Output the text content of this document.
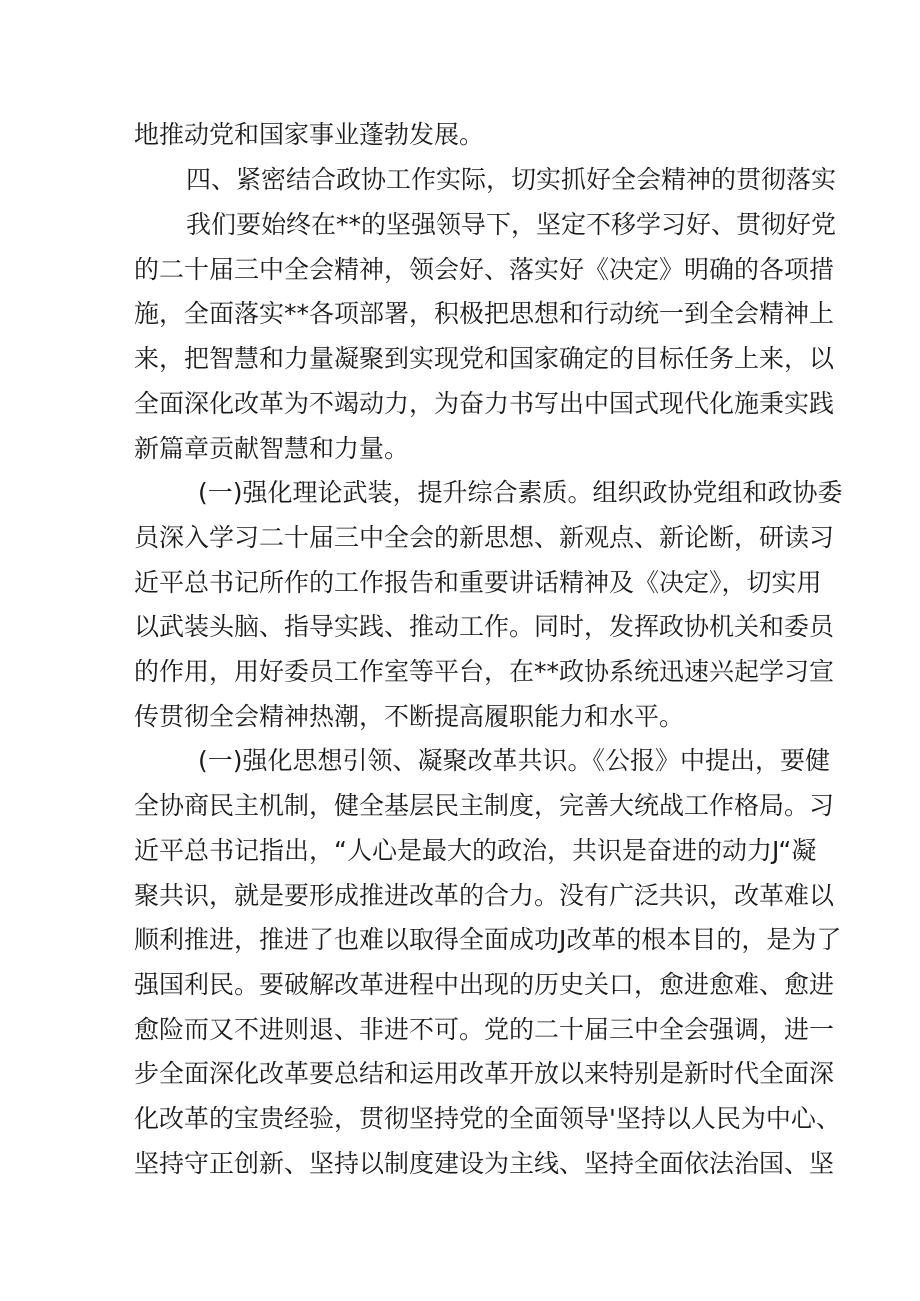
地推动党和国家事业蓬勃发展。
四、紧密结合政协工作实际，切实抓好全会精神的贯彻落实
我们要始终在**的坚强领导下，坚定不移学习好、贯彻好党
的二十届三中全会精神，领会好、落实好《决定》明确的各项措
施，全面落实**各项部署，积极把思想和行动统一到全会精神上
来，把智慧和力量凝聚到实现党和国家确定的目标任务上来，以
全面深化改革为不竭动力，为奋力书写出中国式现代化施秉实践
新篇章贡献智慧和力量。
(一)强化理论武装，提升综合素质。组织政协党组和政协委
员深入学习二十届三中全会的新思想、新观点、新论断，研读习
近平总书记所作的工作报告和重要讲话精神及《决定》，切实用
以武装头脑、指导实践、推动工作。同时，发挥政协机关和委员
的作用，用好委员工作室等平台，在**政协系统迅速兴起学习宣
传贯彻全会精神热潮，不断提高履职能力和水平。
(一)强化思想引领、凝聚改革共识。《公报》中提出，要健
全协商民主机制，健全基层民主制度，完善大统战工作格局。习
近平总书记指出，“人心是最大的政治，共识是奋进的动力J“凝
聚共识，就是要形成推进改革的合力。没有广泛共识，改革难以
顺利推进，推进了也难以取得全面成功J改革的根本目的，是为了
强国利民。要破解改革进程中出现的历史关口，愈进愈难、愈进
愈险而又不进则退、非进不可。党的二十届三中全会强调，进一
步全面深化改革要总结和运用改革开放以来特别是新时代全面深
化改革的宝贵经验，贯彻坚持党的全面领导'坚持以人民为中心、
坚持守正创新、坚持以制度建设为主线、坚持全面依法治国、坚
